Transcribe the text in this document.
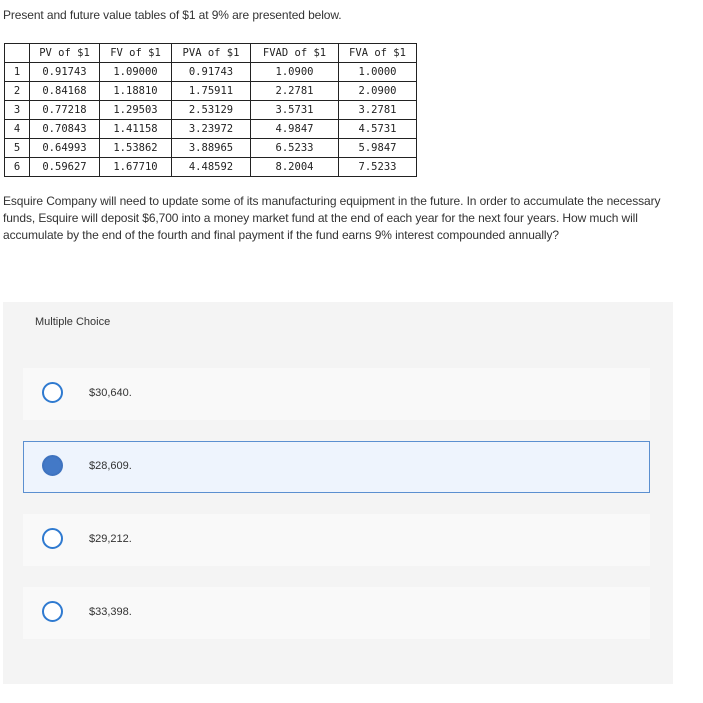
Present and future value tables of $1 at 9% are presented below.
	PV of $1	FV of $1	PVA of $1	FVAD of $1	FVA of $1
1	0.91743	1.09000	0.91743	1.0900	1.0000
2	0.84168	1.18810	1.75911	2.2781	2.0900
3	0.77218	1.29503	2.53129	3.5731	3.2781
4	0.70843	1.41158	3.23972	4.9847	4.5731
5	0.64993	1.53862	3.88965	6.5233	5.9847
6	0.59627	1.67710	4.48592	8.2004	7.5233
Esquire Company will need to update some of its manufacturing equipment in the future. In order to accumulate the necessary funds, Esquire will deposit $6,700 into a money market fund at the end of each year for the next four years. How much will accumulate by the end of the fourth and final payment if the fund earns 9% interest compounded annually?
Multiple Choice
$30,640.
$28,609.
$29,212.
$33,398.
